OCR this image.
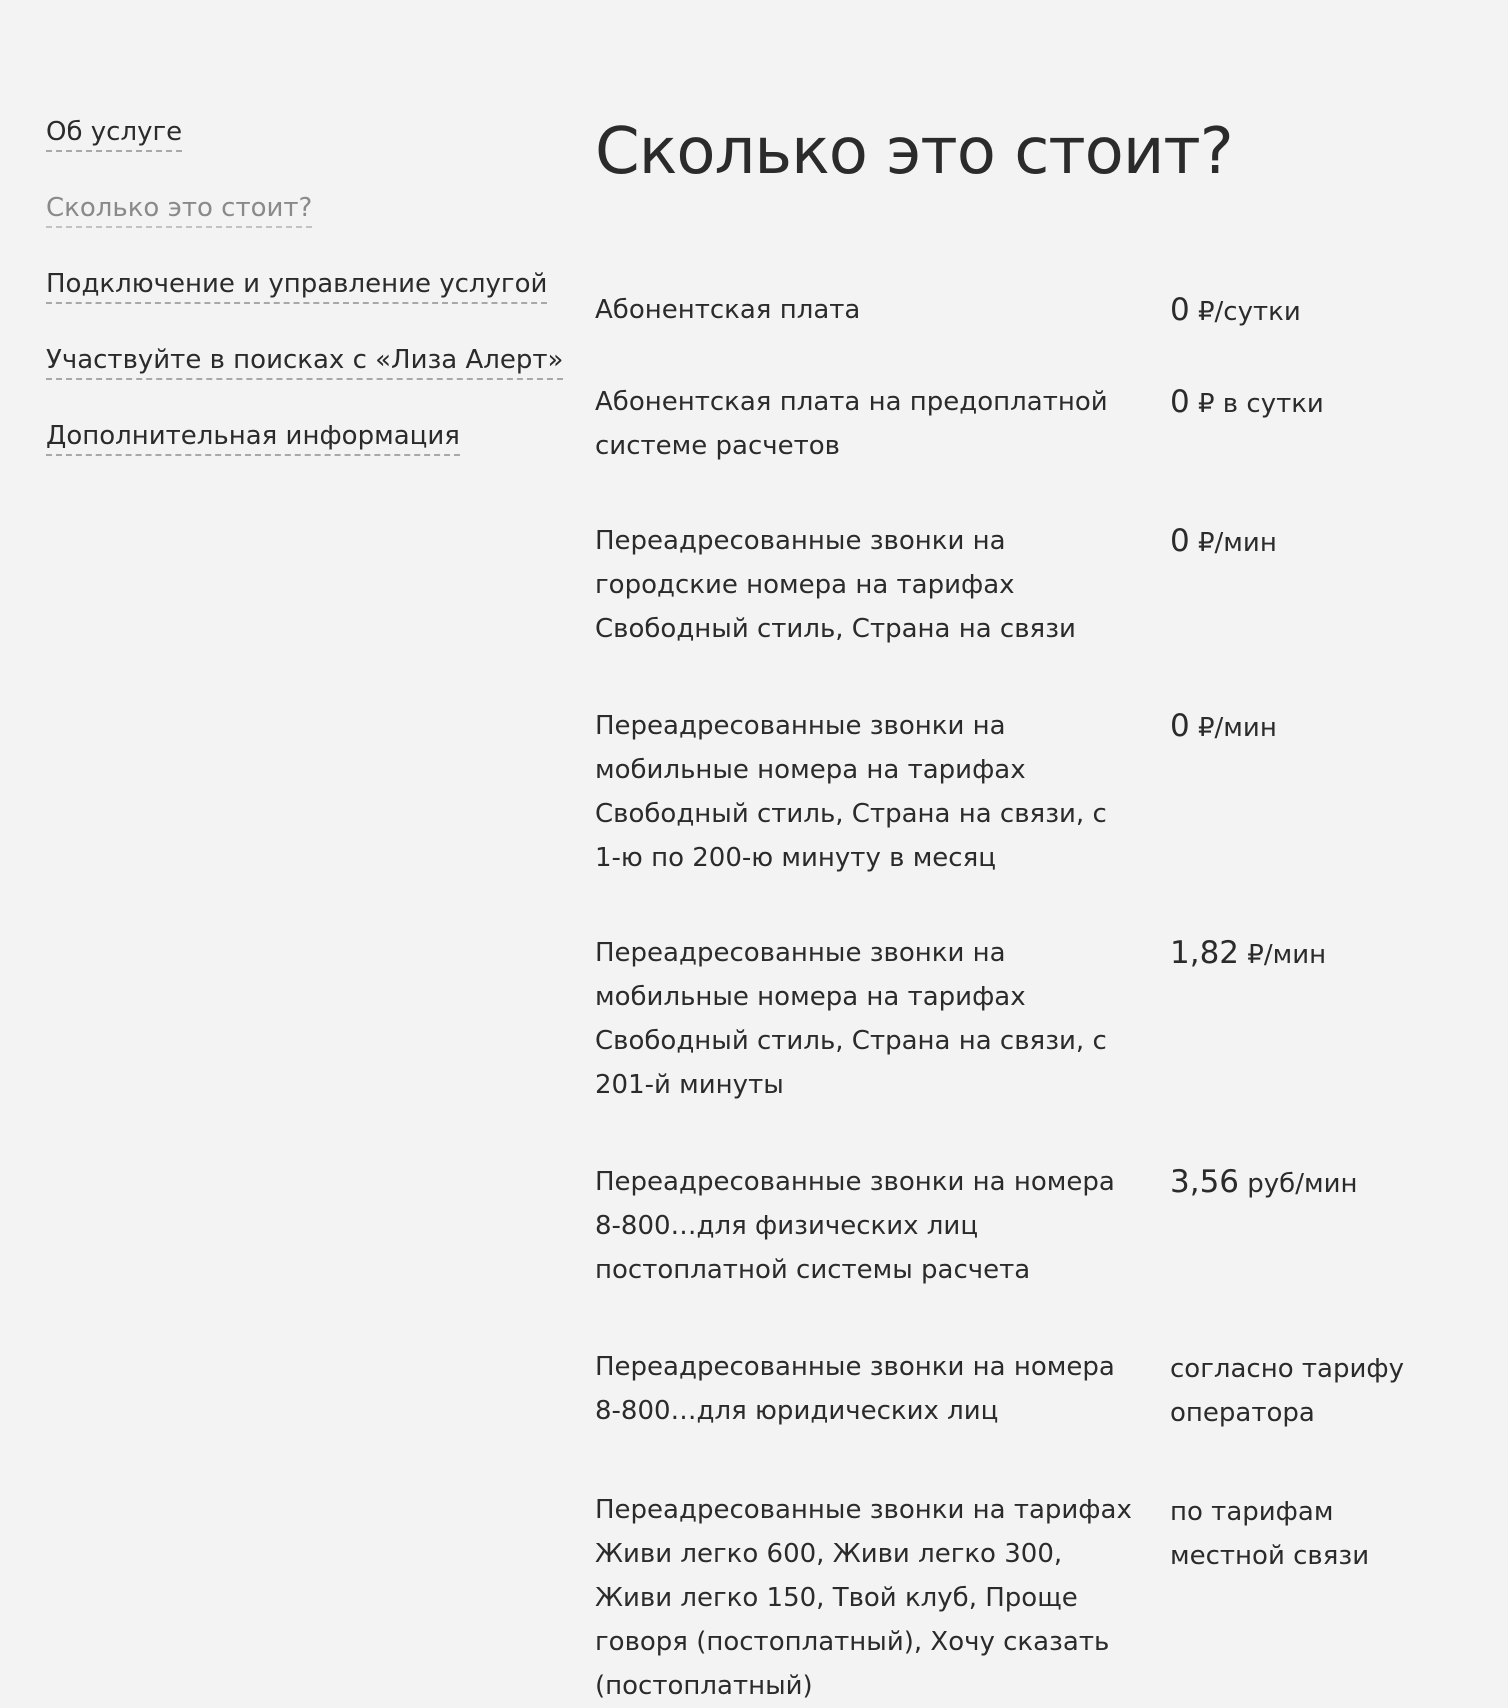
Об услуге
Сколько это стоит?
Подключение и управление услугой
Участвуйте в поисках с «Лиза Алерт»
Дополнительная информация
Сколько это стоит?
Абонентская плата	0 ₽/сутки
Абонентская плата на предоплатной системе расчетов
0 ₽ в сутки
Переадресованные звонки на городские номера на тарифах Свободный стиль, Страна на связи
0 ₽/мин
Переадресованные звонки на мобильные номера на тарифах Свободный стиль, Страна на связи, с 1-ю по 200-ю минуту в месяц
0 ₽/мин
Переадресованные звонки на мобильные номера на тарифах Свободный стиль, Страна на связи, с 201-й минуты
1,82 ₽/мин
Переадресованные звонки на номера 8-800…для физических лиц постоплатной системы расчета
3,56 руб/мин
Переадресованные звонки на номера 8-800…для юридических лиц
согласно тарифу оператора
Переадресованные звонки на тарифах Живи легко 600, Живи легко 300, Живи легко 150, Твой клуб, Проще говоря (постоплатный), Хочу сказать (постоплатный)
по тарифам местной связи
